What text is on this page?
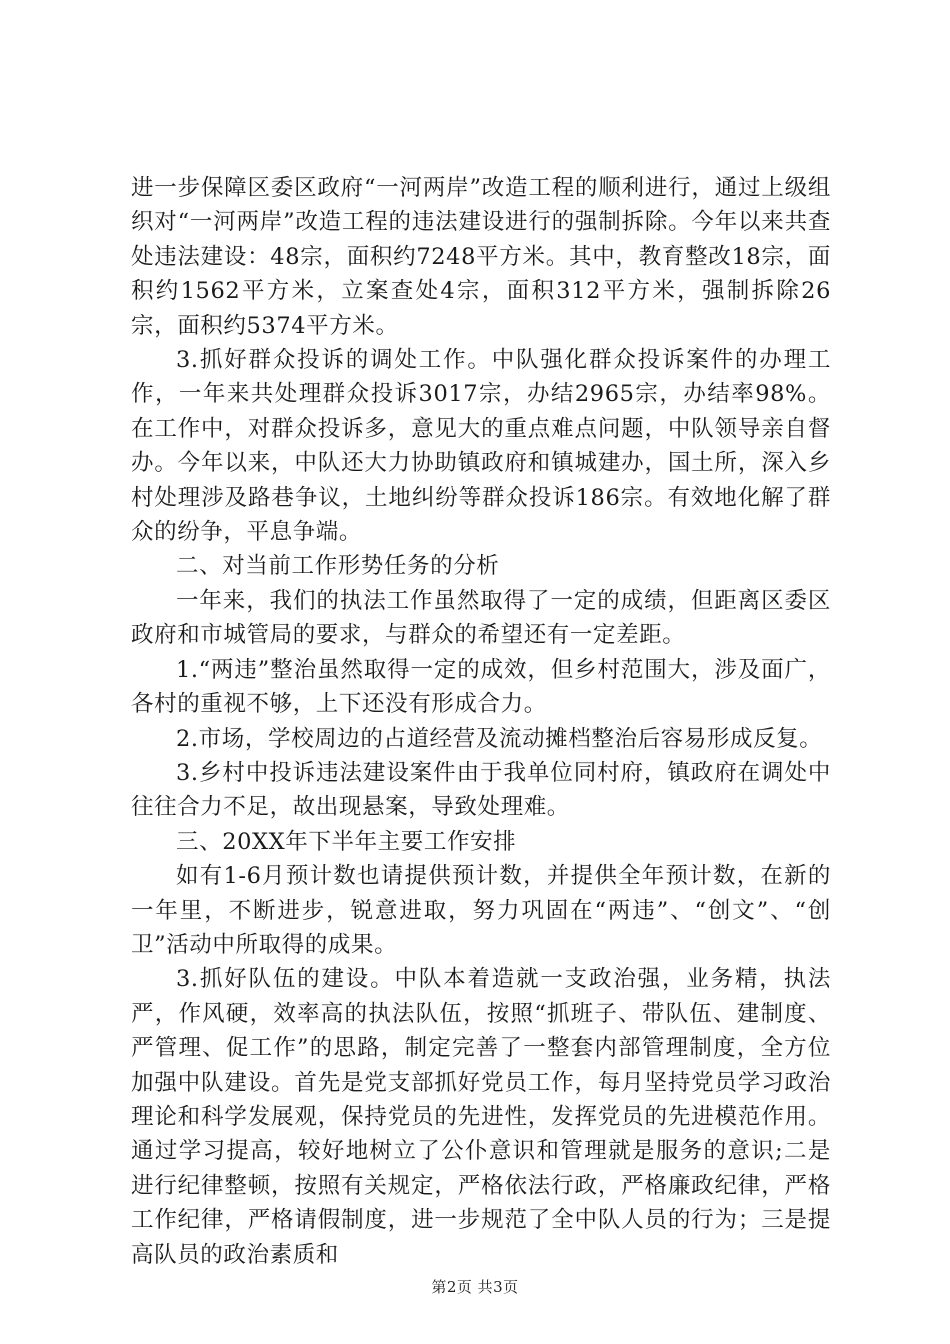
进一步保障区委区政府“一河两岸”改造工程的顺利进行，通过上级组织对“一河两岸”改造工程的违法建设进行的强制拆除。今年以来共查处违法建设：48宗，面积约7248平方米。其中，教育整改18宗，面积约1562平方米，立案查处4宗，面积312平方米，强制拆除26宗，面积约5374平方米。

3.抓好群众投诉的调处工作。中队强化群众投诉案件的办理工作，一年来共处理群众投诉3017宗，办结2965宗，办结率98%。在工作中，对群众投诉多，意见大的重点难点问题，中队领导亲自督办。今年以来，中队还大力协助镇政府和镇城建办，国土所，深入乡村处理涉及路巷争议，土地纠纷等群众投诉186宗。有效地化解了群众的纷争，平息争端。

二、对当前工作形势任务的分析

一年来，我们的执法工作虽然取得了一定的成绩，但距离区委区政府和市城管局的要求，与群众的希望还有一定差距。

1.“两违”整治虽然取得一定的成效，但乡村范围大，涉及面广，各村的重视不够，上下还没有形成合力。

2.市场，学校周边的占道经营及流动摊档整治后容易形成反复。

3.乡村中投诉违法建设案件由于我单位同村府，镇政府在调处中往往合力不足，故出现悬案，导致处理难。

三、20XX年下半年主要工作安排

如有1-6月预计数也请提供预计数，并提供全年预计数，在新的一年里，不断进步，锐意进取，努力巩固在“两违”、“创文”、“创卫”活动中所取得的成果。

3.抓好队伍的建设。中队本着造就一支政治强，业务精，执法严，作风硬，效率高的执法队伍，按照“抓班子、带队伍、建制度、严管理、促工作”的思路，制定完善了一整套内部管理制度，全方位加强中队建设。首先是党支部抓好党员工作，每月坚持党员学习政治理论和科学发展观，保持党员的先进性，发挥党员的先进模范作用。通过学习提高，较好地树立了公仆意识和管理就是服务的意识;二是进行纪律整顿，按照有关规定，严格依法行政，严格廉政纪律，严格工作纪律，严格请假制度，进一步规范了全中队人员的行为；三是提高队员的政治素质和

第2页 共3页
